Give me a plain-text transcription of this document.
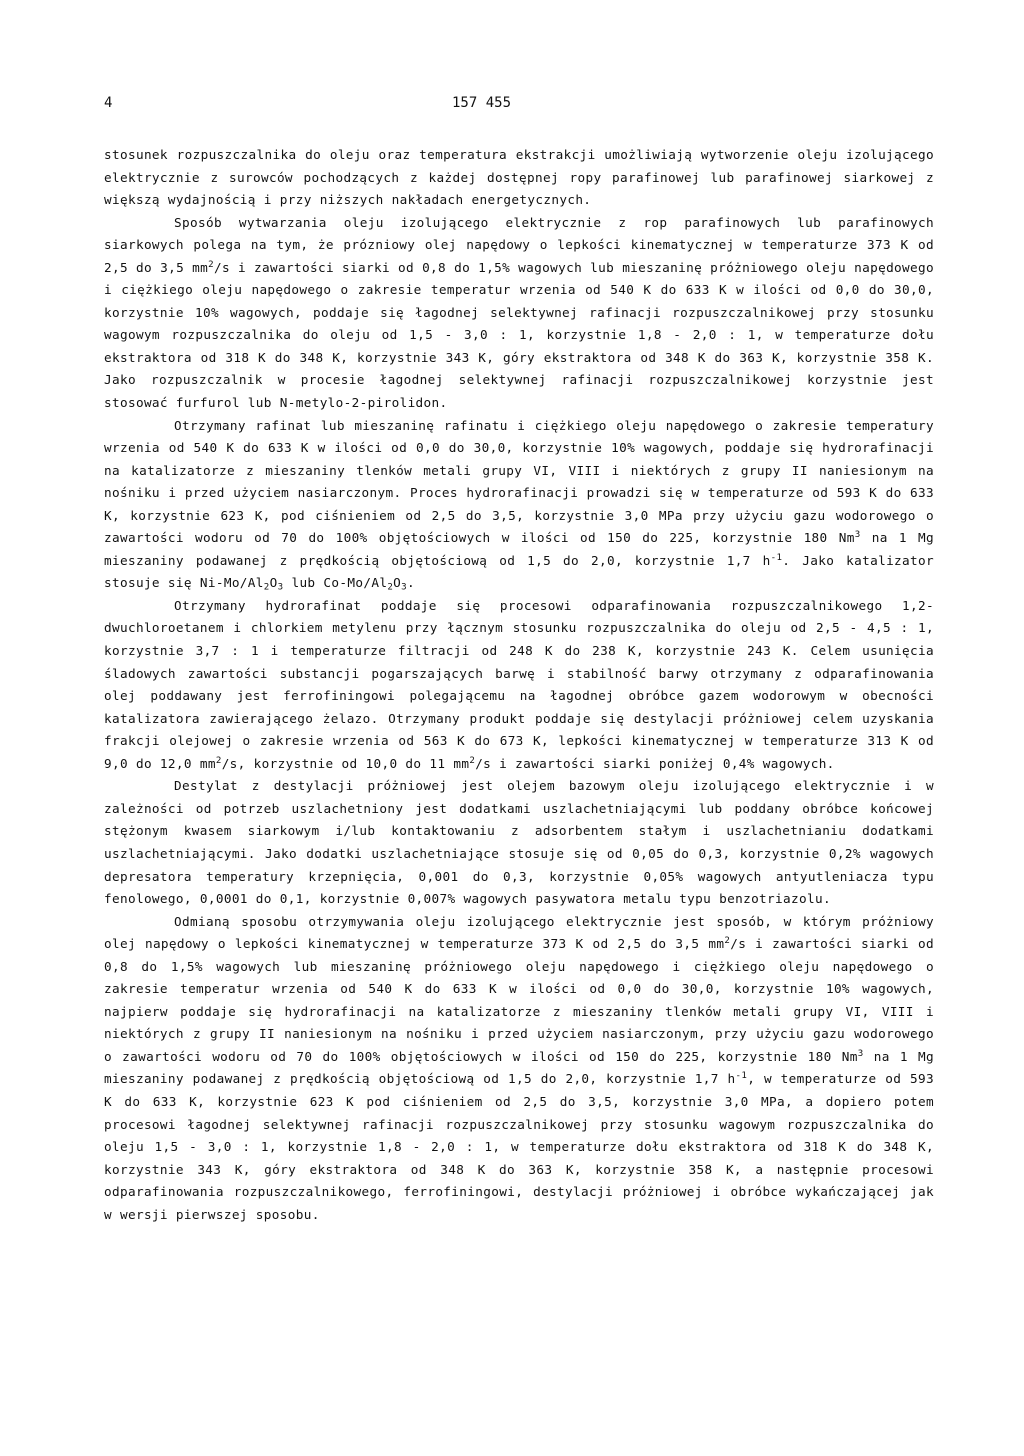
4	157 455

stosunek rozpuszczalnika do oleju oraz temperatura ekstrakcji umożliwiają wytworzenie oleju izolującego elektrycznie z surowców pochodzących z każdej dostępnej ropy parafinowej lub parafinowej siarkowej z większą wydajnością i przy niższych nakładach energetycznych.

Sposób wytwarzania oleju izolującego elektrycznie z rop parafinowych lub parafinowych siarkowych polega na tym, że prózniowy olej napędowy o lepkości kinematycznej w temperaturze 373 K od 2,5 do 3,5 $mm^2/s$ i zawartości siarki od 0,8 do 1,5% wagowych lub mieszaninę próżniowego oleju napędowego i ciężkiego oleju napędowego o zakresie temperatur wrzenia od 540 K do 633 K w ilości od 0,0 do 30,0, korzystnie 10% wagowych, poddaje się łagodnej selektywnej rafinacji rozpuszczalnikowej przy stosunku wagowym rozpuszczalnika do oleju od 1,5 - 3,0 : 1, korzystnie 1,8 - 2,0 : 1, w temperaturze dołu ekstraktora od 318 K do 348 K, korzystnie 343 K, góry ekstraktora od 348 K do 363 K, korzystnie 358 K. Jako rozpuszczalnik w procesie łagodnej selektywnej rafinacji rozpuszczalnikowej korzystnie jest stosować furfurol lub N-metylo-2-pirolidon.

Otrzymany rafinat lub mieszaninę rafinatu i ciężkiego oleju napędowego o zakresie temperatury wrzenia od 540 K do 633 K w ilości od 0,0 do 30,0, korzystnie 10% wagowych, poddaje się hydrorafinacji na katalizatorze z mieszaniny tlenków metali grupy VI, VIII i niektórych z grupy II naniesionym na nośniku i przed użyciem nasiarczonym. Proces hydrorafinacji prowadzi się w temperaturze od 593 K do 633 K, korzystnie 623 K, pod ciśnieniem od 2,5 do 3,5, korzystnie 3,0 MPa przy użyciu gazu wodorowego o zawartości wodoru od 70 do 100% objętościowych w ilości od 150 do 225, korzystnie 180 Nm$^3$ na 1 Mg mieszaniny podawanej z prędkością objętościową od 1,5 do 2,0, korzystnie 1,7 $h^{-1}$. Jako katalizator stosuje się $Ni-Mo/Al_2O_3$ lub $Co-Mo/Al_2O_3$.

Otrzymany hydrorafinat poddaje się procesowi odparafinowania rozpuszczalnikowego 1,2-dwuchloroetanem i chlorkiem metylenu przy łącznym stosunku rozpuszczalnika do oleju od 2,5 - 4,5 : 1, korzystnie 3,7 : 1 i temperaturze filtracji od 248 K do 238 K, korzystnie 243 K. Celem usunięcia śladowych zawartości substancji pogarszających barwę i stabilność barwy otrzymany z odparafinowania olej poddawany jest ferrofiningowi polegającemu na łagodnej obróbce gazem wodorowym w obecności katalizatora zawierającego żelazo. Otrzymany produkt poddaje się destylacji próżniowej celem uzyskania frakcji olejowej o zakresie wrzenia od 563 K do 673 K, lepkości kinematycznej w temperaturze 313 K od 9,0 do 12,0 $mm^2/s$, korzystnie od 10,0 do 11 $mm^2/s$ i zawartości siarki poniżej 0,4% wagowych.

Destylat z destylacji próżniowej jest olejem bazowym oleju izolującego elektrycznie i w zależności od potrzeb uszlachetniony jest dodatkami uszlachetniającymi lub poddany obróbce końcowej stężonym kwasem siarkowym i/lub kontaktowaniu z adsorbentem stałym i uszlachetnianiu dodatkami uszlachetniającymi. Jako dodatki uszlachetniające stosuje się od 0,05 do 0,3, korzystnie 0,2% wagowych depresatora temperatury krzepnięcia, 0,001 do 0,3, korzystnie 0,05% wagowych antyutleniacza typu fenolowego, 0,0001 do 0,1, korzystnie 0,007% wagowych pasywatora metalu typu benzotriazolu.

Odmianą sposobu otrzymywania oleju izolującego elektrycznie jest sposób, w którym próżniowy olej napędowy o lepkości kinematycznej w temperaturze 373 K od 2,5 do 3,5 $mm^2/s$ i zawartości siarki od 0,8 do 1,5% wagowych lub mieszaninę próżniowego oleju napędowego i ciężkiego oleju napędowego o zakresie temperatur wrzenia od 540 K do 633 K w ilości od 0,0 do 30,0, korzystnie 10% wagowych, najpierw poddaje się hydrorafinacji na katalizatorze z mieszaniny tlenków metali grupy VI, VIII i niektórych z grupy II naniesionym na nośniku i przed użyciem nasiarczonym, przy użyciu gazu wodorowego o zawartości wodoru od 70 do 100% objętościowych w ilości od 150 do 225, korzystnie 180 Nm$^3$ na 1 Mg mieszaniny podawanej z prędkością objętościową od 1,5 do 2,0, korzystnie 1,7 $h^{-1}$, w temperaturze od 593 K do 633 K, korzystnie 623 K pod ciśnieniem od 2,5 do 3,5, korzystnie 3,0 MPa, a dopiero potem procesowi łagodnej selektywnej rafinacji rozpuszczalnikowej przy stosunku wagowym rozpuszczalnika do oleju 1,5 - 3,0 : 1, korzystnie 1,8 - 2,0 : 1, w temperaturze dołu ekstraktora od 318 K do 348 K, korzystnie 343 K, góry ekstraktora od 348 K do 363 K, korzystnie 358 K, a następnie procesowi odparafinowania rozpuszczalnikowego, ferrofiningowi, destylacji próżniowej i obróbce wykańczającej jak w wersji pierwszej sposobu.
